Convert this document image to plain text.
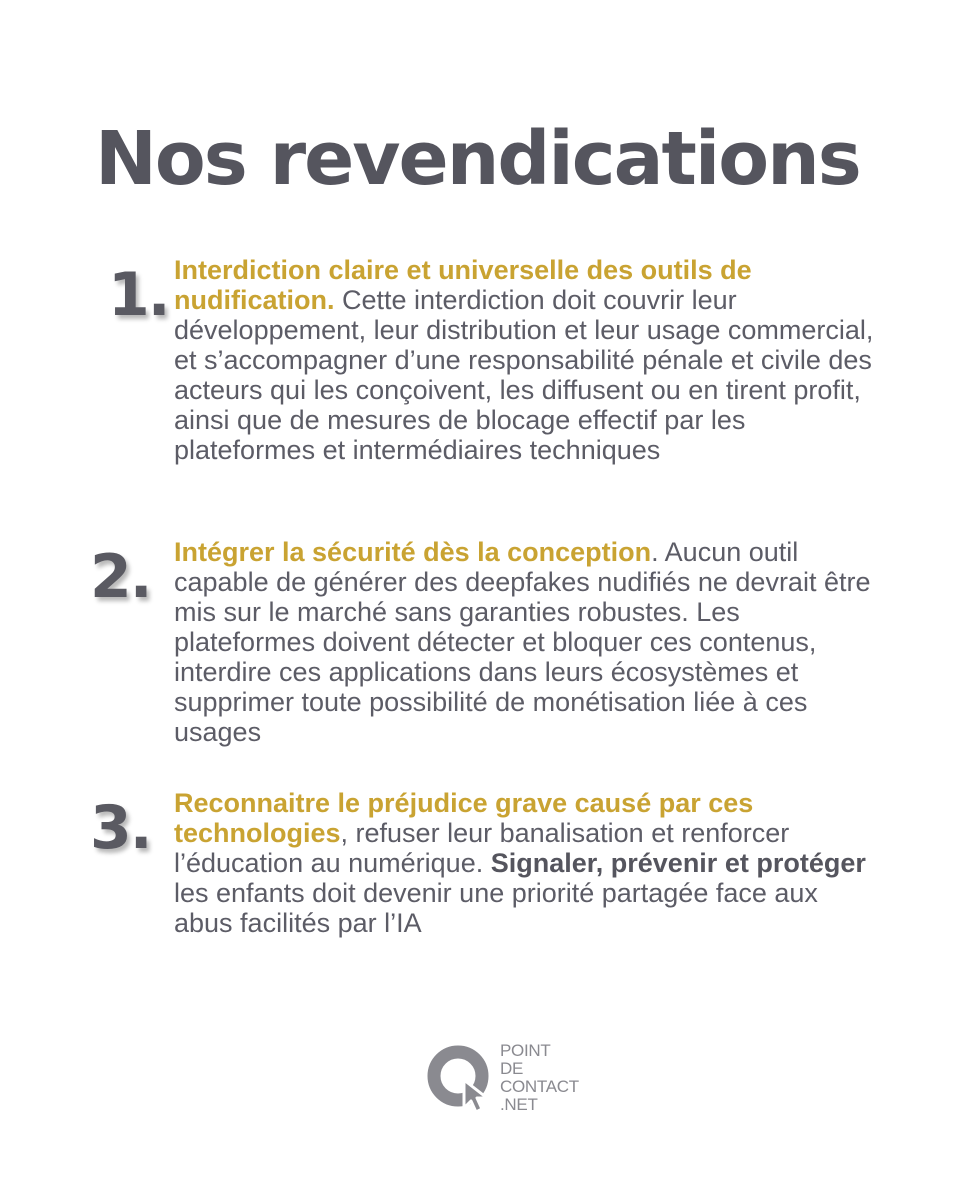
Nos revendications
1. Interdiction claire et universelle des outils de nudification. Cette interdiction doit couvrir leur développement, leur distribution et leur usage commercial, et s’accompagner d’une responsabilité pénale et civile des acteurs qui les conçoivent, les diffusent ou en tirent profit, ainsi que de mesures de blocage effectif par les plateformes et intermédiaires techniques

2. Intégrer la sécurité dès la conception. Aucun outil capable de générer des deepfakes nudifiés ne devrait être mis sur le marché sans garanties robustes. Les plateformes doivent détecter et bloquer ces contenus, interdire ces applications dans leurs écosystèmes et supprimer toute possibilité de monétisation liée à ces usages

3. Reconnaitre le préjudice grave causé par ces technologies, refuser leur banalisation et renforcer l’éducation au numérique. Signaler, prévenir et protéger les enfants doit devenir une priorité partagée face aux abus facilités par l’IA

POINT
DE
CONTACT
.NET
